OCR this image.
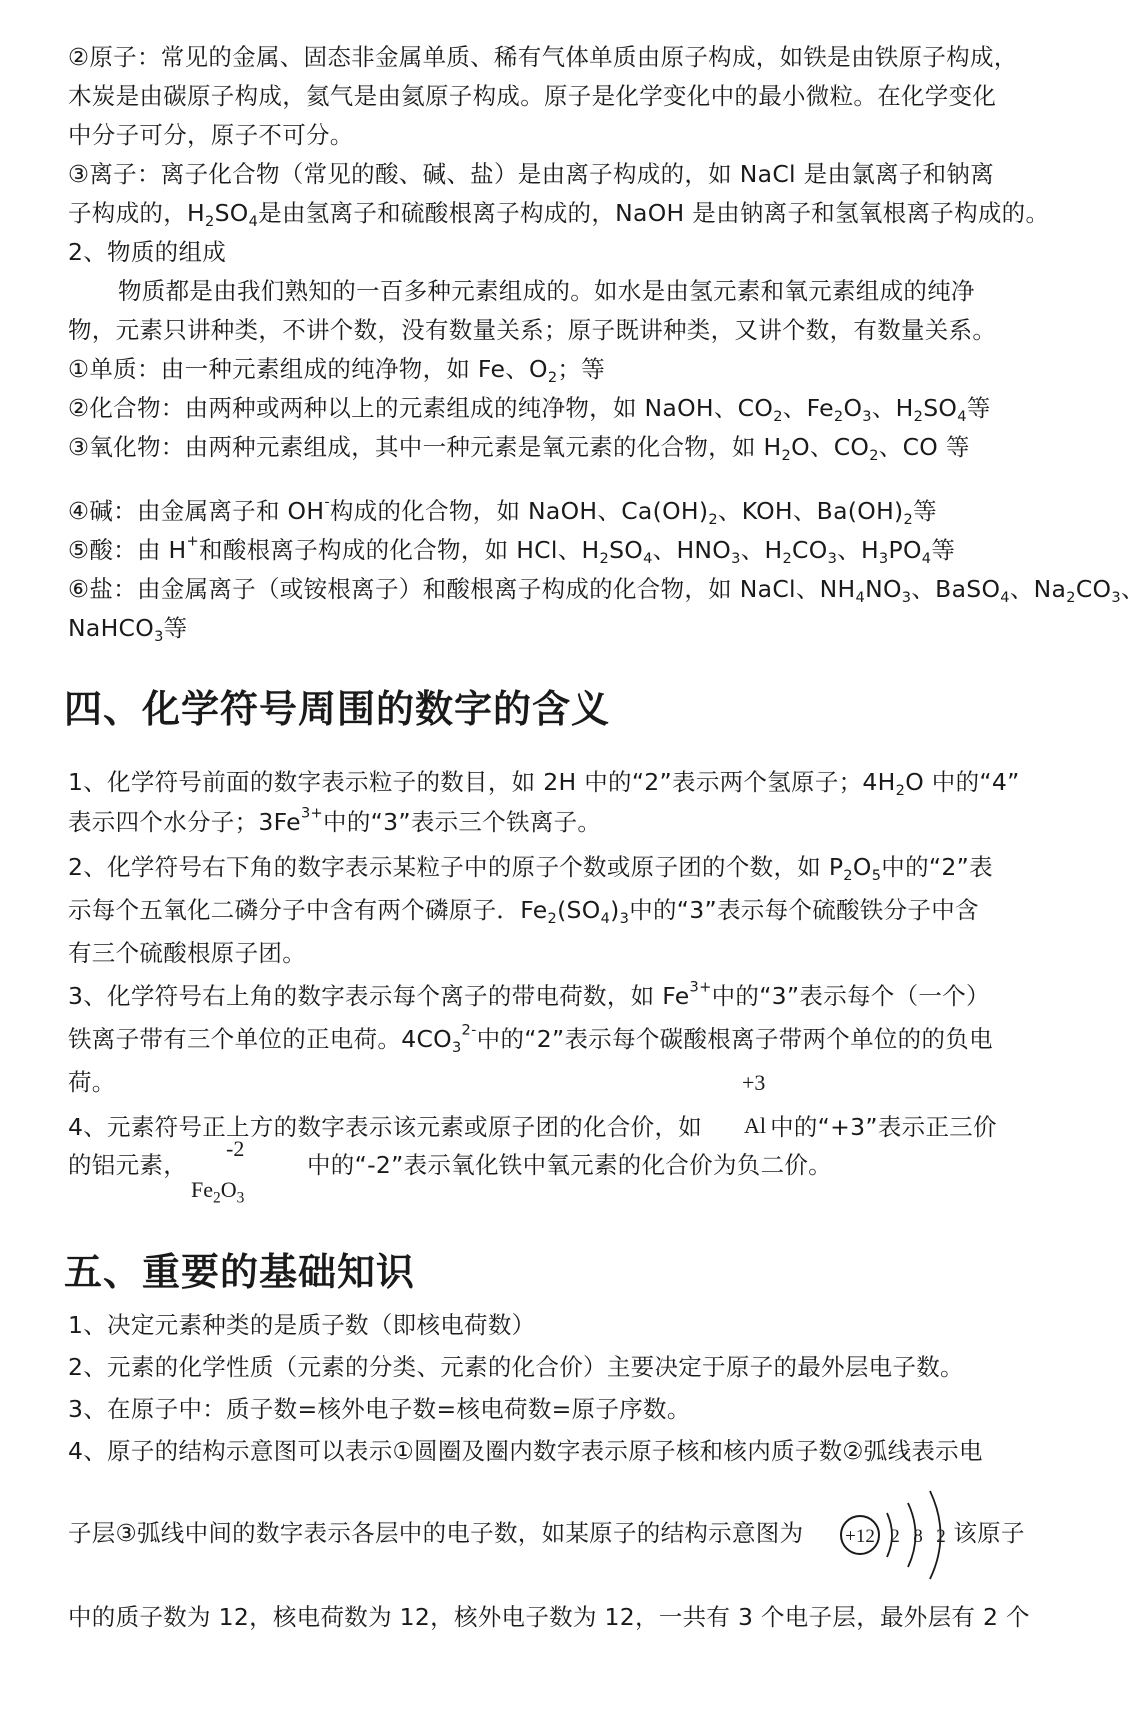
②原子：常见的金属、固态非金属单质、稀有气体单质由原子构成，如铁是由铁原子构成，
木炭是由碳原子构成，氦气是由氦原子构成。原子是化学变化中的最小微粒。在化学变化
中分子可分，原子不可分。
③离子：离子化合物（常见的酸、碱、盐）是由离子构成的，如 NaCl 是由氯离子和钠离
子构成的，$H_2SO_4$是由氢离子和硫酸根离子构成的，NaOH 是由钠离子和氢氧根离子构成的。
2、物质的组成
物质都是由我们熟知的一百多种元素组成的。如水是由氢元素和氧元素组成的纯净
物，元素只讲种类，不讲个数，没有数量关系；原子既讲种类，又讲个数，有数量关系。
①单质：由一种元素组成的纯净物，如 Fe、$O_2$；等
②化合物：由两种或两种以上的元素组成的纯净物，如 NaOH、$CO_2$、$Fe_2O_3$、$H_2SO_4$等
③氧化物：由两种元素组成，其中一种元素是氧元素的化合物，如 $H_2O$、$CO_2$、CO 等
④碱：由金属离子和 OH-构成的化合物，如 NaOH、$Ca(OH)_2$、KOH、$Ba(OH)_2$等
⑤酸：由 H+和酸根离子构成的化合物，如 HCl、$H_2SO_4$、$HNO_3$、$H_2CO_3$、$H_3PO_4$等
⑥盐：由金属离子（或铵根离子）和酸根离子构成的化合物，如 NaCl、$NH_4NO_3$、BaSO$_4$、$Na_2CO_3$、
NaHCO$_3$等
四、化学符号周围的数字的含义
1、化学符号前面的数字表示粒子的数目，如 2H 中的“2”表示两个氢原子；$4H_2O$ 中的“4”
表示四个水分子；$3Fe^{3+}$中的“3”表示三个铁离子。
2、化学符号右下角的数字表示某粒子中的原子个数或原子团的个数，如 $P_2O_5$中的“2”表
示每个五氧化二磷分子中含有两个磷原子．$Fe_2(SO_4)_3$中的“3”表示每个硫酸铁分子中含
有三个硫酸根原子团。
3、化学符号右上角的数字表示每个离子的带电荷数，如 $Fe^{3+}$中的“3”表示每个（一个）
铁离子带有三个单位的正电荷。$4CO_3^{2-}$中的“2”表示每个碳酸根离子带两个单位的的负电
荷。
4、元素符号正上方的数字表示该元素或原子团的化合价，如	中的“+3”表示正三价
+3
Al
的铝元素，	中的“-2”表示氧化铁中氧元素的化合价为负二价。
-2
$Fe_2O_3$
五、重要的基础知识
1、决定元素种类的是质子数（即核电荷数）
2、元素的化学性质（元素的分类、元素的化合价）主要决定于原子的最外层电子数。
3、在原子中：质子数=核外电子数=核电荷数=原子序数。
4、原子的结构示意图可以表示①圆圈及圈内数字表示原子核和核内质子数②弧线表示电
子层③弧线中间的数字表示各层中的电子数，如某原子的结构示意图为	该原子
+12 2 8 2
中的质子数为 12，核电荷数为 12，核外电子数为 12，一共有 3 个电子层，最外层有 2 个
